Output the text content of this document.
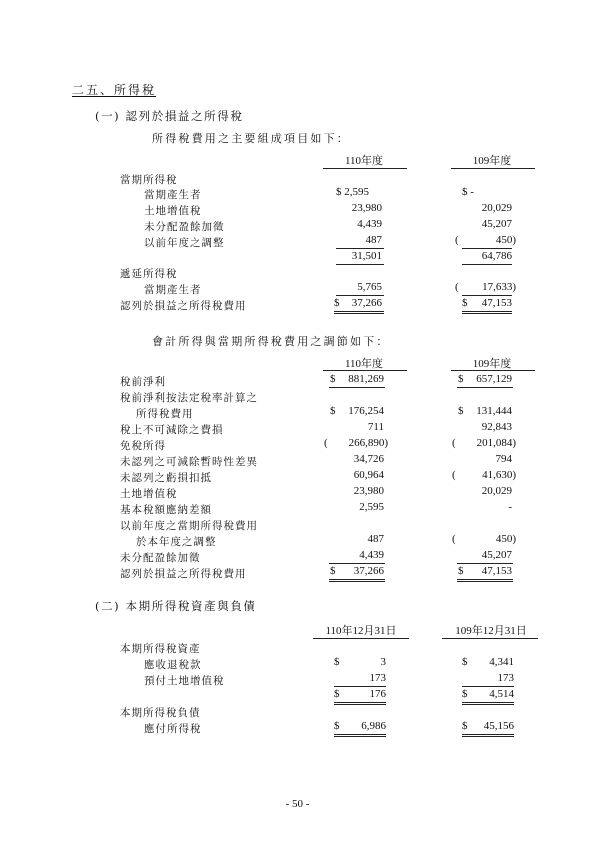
二五、所得稅
(一) 認列於損益之所得稅
所得稅費用之主要組成項目如下：
110年度	109年度
當期所得稅
當期產生者	$ 2,595	$ -
土地增值稅	23,980	20,029
未分配盈餘加徵	4,439	45,207
以前年度之調整	487	(	450)
31,501	64,786
遞延所得稅
當期產生者	5,765	(	17,633)
認列於損益之所得稅費用	$	37,266	$	47,153
會計所得與當期所得稅費用之調節如下：
110年度	109年度
稅前淨利	$	881,269	$	657,129
稅前淨利按法定稅率計算之
所得稅費用	$	176,254	$	131,444
稅上不可減除之費損	711	92,843
免稅所得	(	266,890)	(	201,084)
未認列之可減除暫時性差異	34,726	794
未認列之虧損扣抵	60,964	(	41,630)
土地增值稅	23,980	20,029
基本稅額應納差額	2,595	-
以前年度之當期所得稅費用
於本年度之調整	487	(	450)
未分配盈餘加徵	4,439	45,207
認列於損益之所得稅費用	$	37,266	$	47,153
(二) 本期所得稅資產與負債
110年12月31日	109年12月31日
本期所得稅資產
應收退稅款	$	3	$	4,341
預付土地增值稅	173	173
$	176	$	4,514
本期所得稅負債
應付所得稅	$	6,986	$	45,156
- 50 -
